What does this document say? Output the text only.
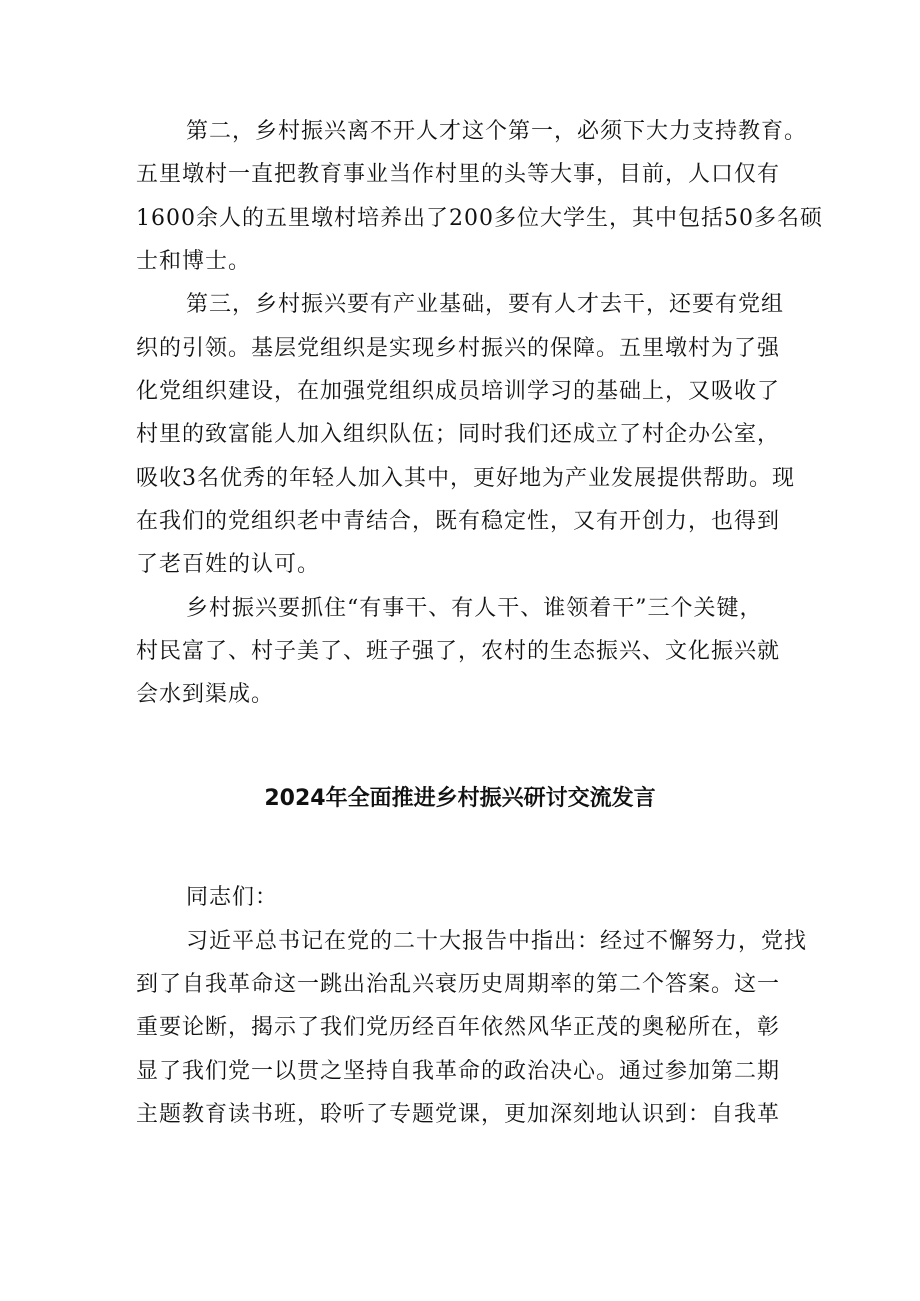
第二，乡村振兴离不开人才这个第一，必须下大力支持教育。
五里墩村一直把教育事业当作村里的头等大事，目前，人口仅有
1600余人的五里墩村培养出了200多位大学生，其中包括50多名硕
士和博士。
第三，乡村振兴要有产业基础，要有人才去干，还要有党组
织的引领。基层党组织是实现乡村振兴的保障。五里墩村为了强
化党组织建设，在加强党组织成员培训学习的基础上，又吸收了
村里的致富能人加入组织队伍；同时我们还成立了村企办公室，
吸收3名优秀的年轻人加入其中，更好地为产业发展提供帮助。现
在我们的党组织老中青结合，既有稳定性，又有开创力，也得到
了老百姓的认可。
乡村振兴要抓住“有事干、有人干、谁领着干”三个关键，
村民富了、村子美了、班子强了，农村的生态振兴、文化振兴就
会水到渠成。
2024年全面推进乡村振兴研讨交流发言
同志们：
习近平总书记在党的二十大报告中指出：经过不懈努力，党找
到了自我革命这一跳出治乱兴衰历史周期率的第二个答案。这一
重要论断，揭示了我们党历经百年依然风华正茂的奥秘所在，彰
显了我们党一以贯之坚持自我革命的政治决心。通过参加第二期
主题教育读书班，聆听了专题党课，更加深刻地认识到：自我革
